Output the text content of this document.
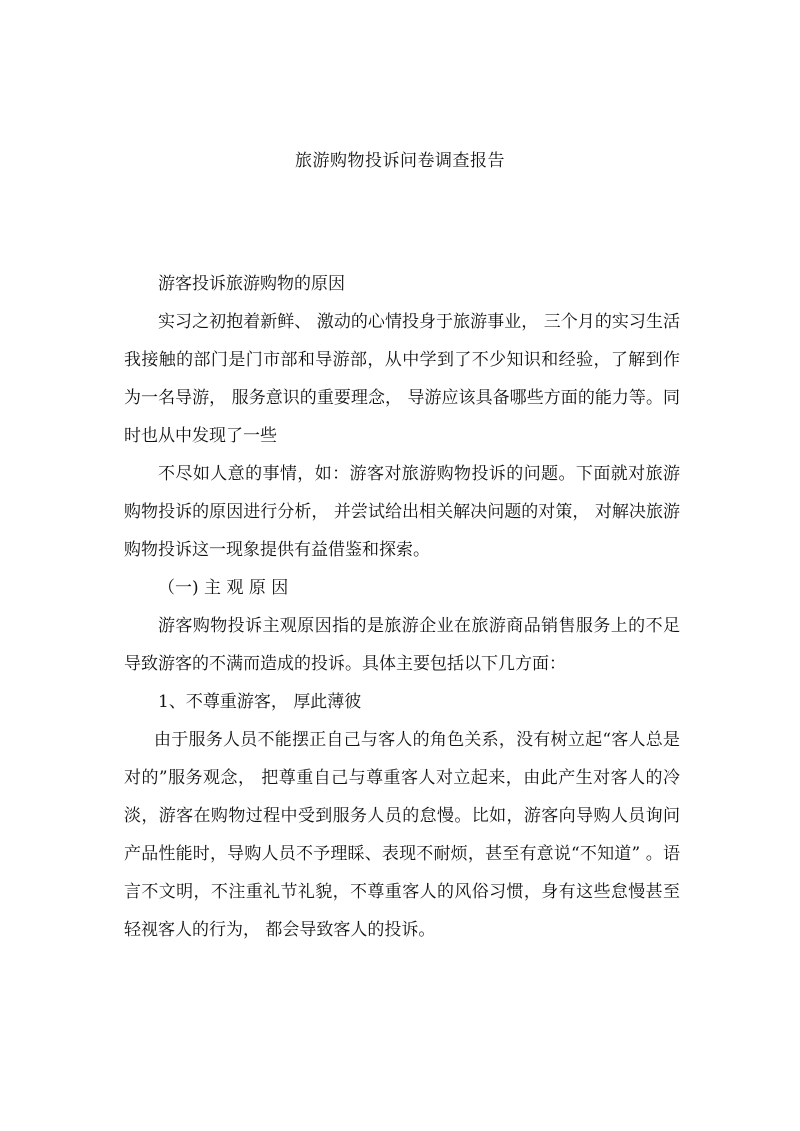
旅游购物投诉问卷调查报告

游客投诉旅游购物的原因

实习之初抱着新鲜、 激动的心情投身于旅游事业， 三个月的实习生活我接触的部门是门市部和导游部，从中学到了不少知识和经验，了解到作为一名导游， 服务意识的重要理念， 导游应该具备哪些方面的能力等。同时也从中发现了一些

不尽如人意的事情，如：游客对旅游购物投诉的问题。下面就对旅游购物投诉的原因进行分析， 并尝试给出相关解决问题的对策， 对解决旅游购物投诉这一现象提供有益借鉴和探索。

（一) 主 观 原 因

游客购物投诉主观原因指的是旅游企业在旅游商品销售服务上的不足导致游客的不满而造成的投诉。具体主要包括以下几方面：

1、不尊重游客， 厚此薄彼

由于服务人员不能摆正自己与客人的角色关系，没有树立起“客人总是对的”服务观念， 把尊重自己与尊重客人对立起来，由此产生对客人的冷淡，游客在购物过程中受到服务人员的怠慢。比如，游客向导购人员询问产品性能时，导购人员不予理睬、表现不耐烦，甚至有意说“不知道” 。语言不文明，不注重礼节礼貌，不尊重客人的风俗习惯，身有这些怠慢甚至轻视客人的行为， 都会导致客人的投诉。
